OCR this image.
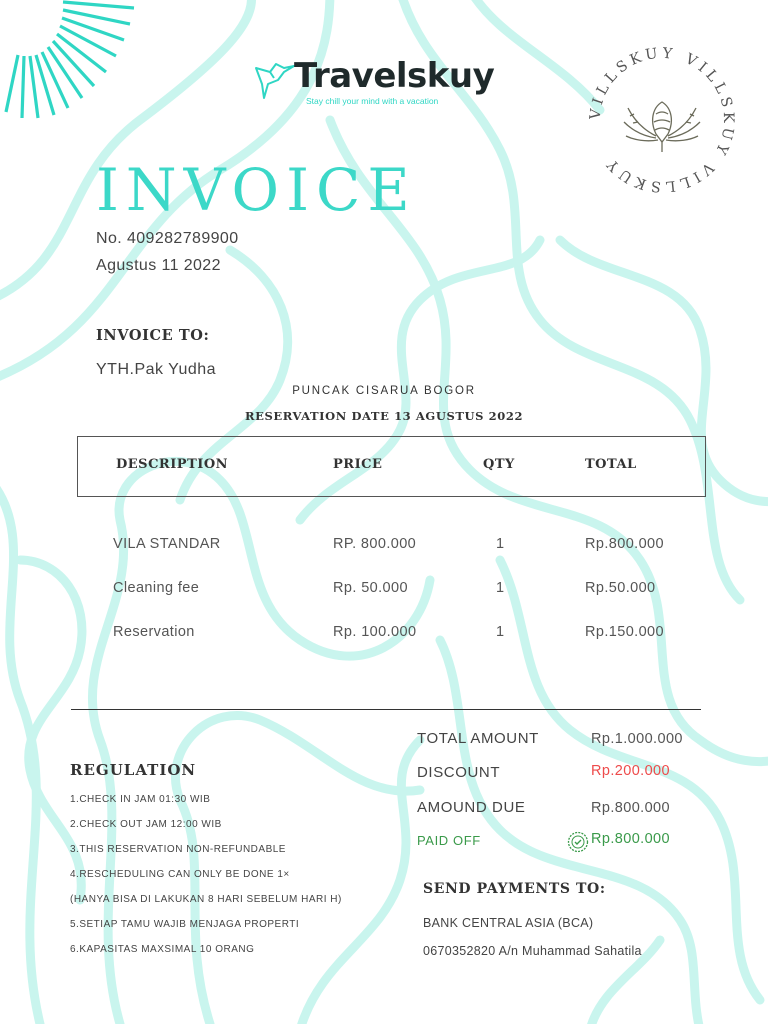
Travelskuy
Stay chill your mind with a vacation
VILLSKUY VILLSKUY VILLSKUY
INVOICE
No. 409282789900
Agustus 11 2022
INVOICE TO:
YTH.Pak Yudha
PUNCAK CISARUA BOGOR
RESERVATION DATE 13 AGUSTUS 2022
DESCRIPTION	PRICE	QTY	TOTAL
VILA STANDAR	RP. 800.000	1	Rp.800.000
Cleaning fee	Rp. 50.000	1	Rp.50.000
Reservation	Rp. 100.000	1	Rp.150.000
TOTAL AMOUNT	Rp.1.000.000
DISCOUNT	Rp.200.000
AMOUND DUE	Rp.800.000
PAID OFF	Rp.800.000
REGULATION
1.CHECK IN JAM 01:30 WIB
2.CHECK OUT JAM 12:00 WIB
3.THIS RESERVATION NON-REFUNDABLE
4.RESCHEDULING CAN ONLY BE DONE 1×
(HANYA BISA DI LAKUKAN 8 HARI SEBELUM HARI H)
5.SETIAP TAMU WAJIB MENJAGA PROPERTI
6.KAPASITAS MAXSIMAL 10 ORANG
SEND PAYMENTS TO:
BANK CENTRAL ASIA (BCA)
0670352820 A/n Muhammad Sahatila
